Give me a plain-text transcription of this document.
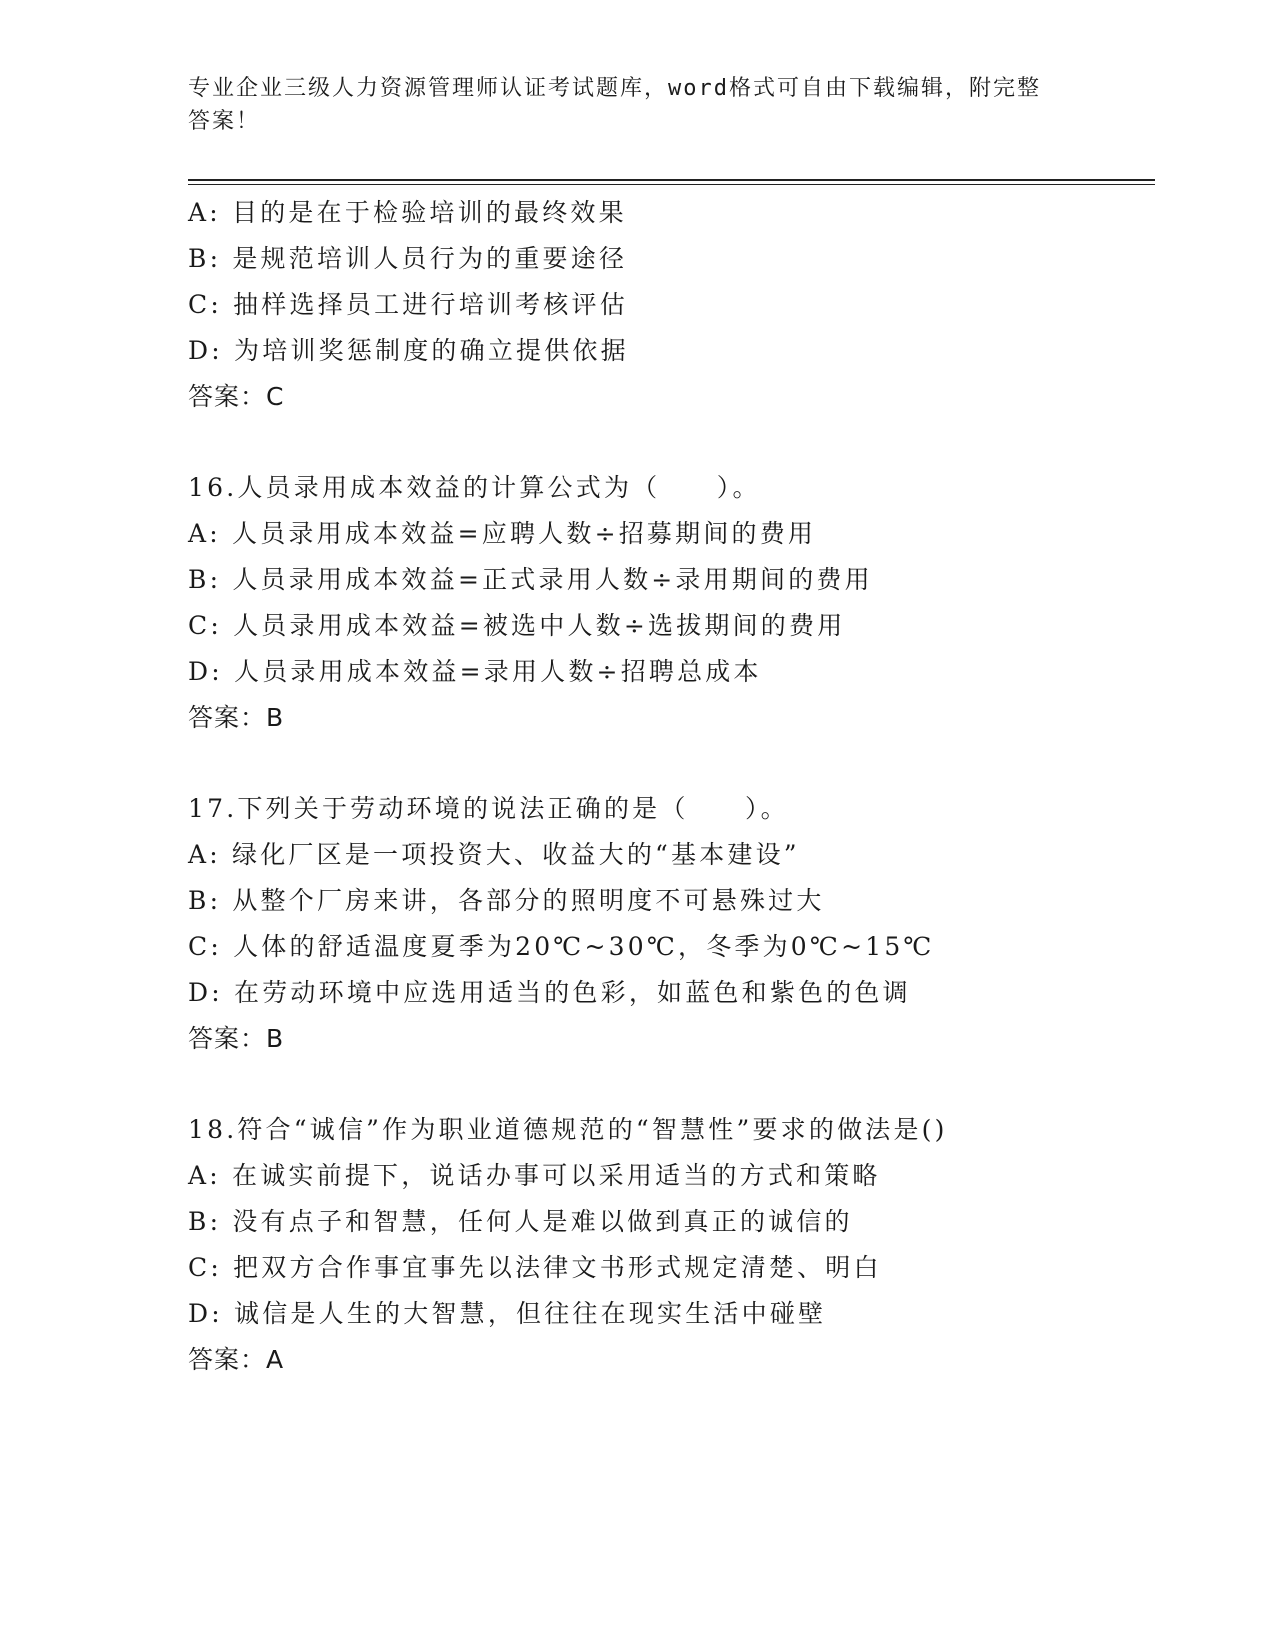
专业企业三级人力资源管理师认证考试题库，word格式可自由下载编辑，附完整
答案！
A: 目的是在于检验培训的最终效果
B: 是规范培训人员行为的重要途径
C: 抽样选择员工进行培训考核评估
D: 为培训奖惩制度的确立提供依据
答案：C
16.人员录用成本效益的计算公式为（　　）。
A: 人员录用成本效益=应聘人数÷招募期间的费用
B: 人员录用成本效益=正式录用人数÷录用期间的费用
C: 人员录用成本效益=被选中人数÷选拔期间的费用
D: 人员录用成本效益=录用人数÷招聘总成本
答案：B
17.下列关于劳动环境的说法正确的是（　　）。
A: 绿化厂区是一项投资大、收益大的“基本建设”
B: 从整个厂房来讲，各部分的照明度不可悬殊过大
C: 人体的舒适温度夏季为20℃~30℃，冬季为0℃~15℃
D: 在劳动环境中应选用适当的色彩，如蓝色和紫色的色调
答案：B
18.符合“诚信”作为职业道德规范的“智慧性”要求的做法是()
A: 在诚实前提下，说话办事可以采用适当的方式和策略
B: 没有点子和智慧，任何人是难以做到真正的诚信的
C: 把双方合作事宜事先以法律文书形式规定清楚、明白
D: 诚信是人生的大智慧，但往往在现实生活中碰壁
答案：A
